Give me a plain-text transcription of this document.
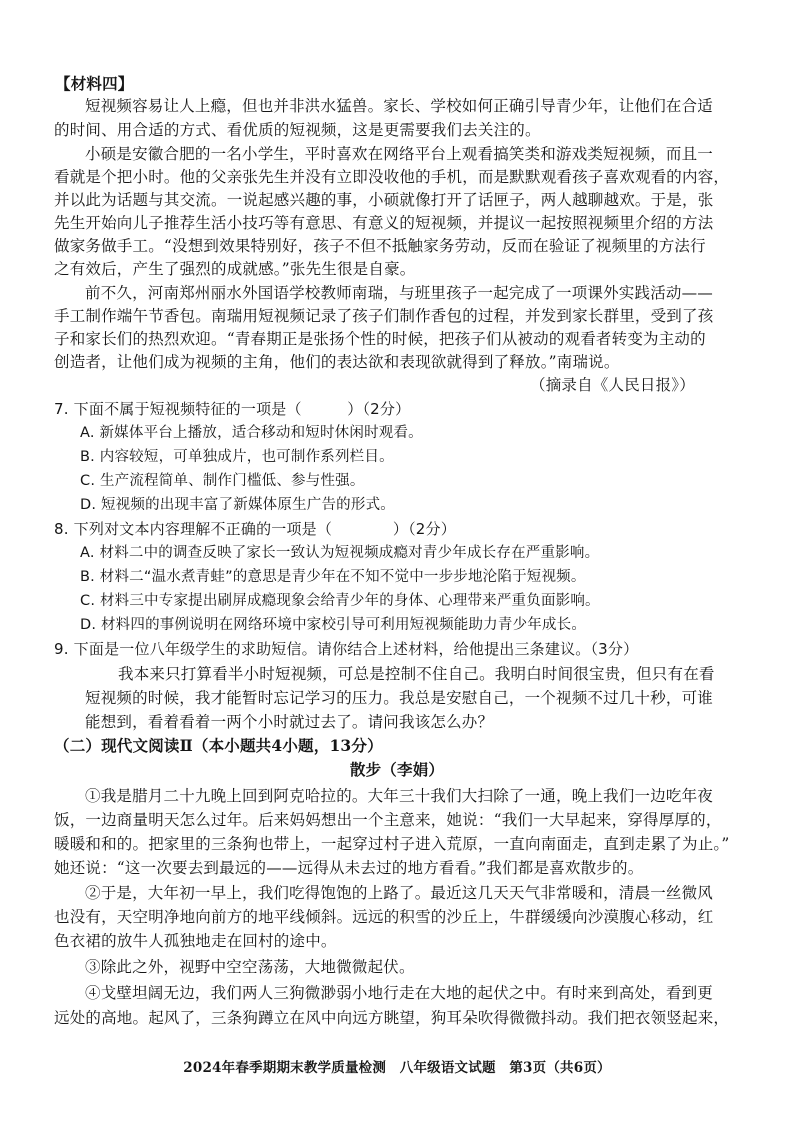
【材料四】

短视频容易让人上瘾，但也并非洪水猛兽。家长、学校如何正确引导青少年，让他们在合适

的时间、用合适的方式、看优质的短视频，这是更需要我们去关注的。

小硕是安徽合肥的一名小学生，平时喜欢在网络平台上观看搞笑类和游戏类短视频，而且一

看就是个把小时。他的父亲张先生并没有立即没收他的手机，而是默默观看孩子喜欢观看的内容，

并以此为话题与其交流。一说起感兴趣的事，小硕就像打开了话匣子，两人越聊越欢。于是，张

先生开始向儿子推荐生活小技巧等有意思、有意义的短视频，并提议一起按照视频里介绍的方法

做家务做手工。“没想到效果特别好，孩子不但不抵触家务劳动，反而在验证了视频里的方法行

之有效后，产生了强烈的成就感。”张先生很是自豪。

前不久，河南郑州丽水外国语学校教师南瑞，与班里孩子一起完成了一项课外实践活动——

手工制作端午节香包。南瑞用短视频记录了孩子们制作香包的过程，并发到家长群里，受到了孩

子和家长们的热烈欢迎。“青春期正是张扬个性的时候，把孩子们从被动的观看者转变为主动的

创造者，让他们成为视频的主角，他们的表达欲和表现欲就得到了释放。”南瑞说。

（摘录自《人民日报》）

7. 下面不属于短视频特征的一项是（　　　）（2分）

A. 新媒体平台上播放，适合移动和短时休闲时观看。

B. 内容较短，可单独成片，也可制作系列栏目。

C. 生产流程简单、制作门槛低、参与性强。

D. 短视频的出现丰富了新媒体原生广告的形式。

8. 下列对文本内容理解不正确的一项是（　　　　）（2分）

A. 材料二中的调查反映了家长一致认为短视频成瘾对青少年成长存在严重影响。

B. 材料二“温水煮青蛙”的意思是青少年在不知不觉中一步步地沦陷于短视频。

C. 材料三中专家提出刷屏成瘾现象会给青少年的身体、心理带来严重负面影响。

D. 材料四的事例说明在网络环境中家校引导可利用短视频能助力青少年成长。

9. 下面是一位八年级学生的求助短信。请你结合上述材料，给他提出三条建议。（3分）

我本来只打算看半小时短视频，可总是控制不住自己。我明白时间很宝贵，但只有在看

短视频的时候，我才能暂时忘记学习的压力。我总是安慰自己，一个视频不过几十秒，可谁

能想到，看着看着一两个小时就过去了。请问我该怎么办？

（二）现代文阅读Ⅱ（本小题共4小题，13分）

散步（李娟）

①我是腊月二十九晚上回到阿克哈拉的。大年三十我们大扫除了一通，晚上我们一边吃年夜

饭，一边商量明天怎么过年。后来妈妈想出一个主意来，她说：“我们一大早起来，穿得厚厚的，

暖暖和和的。把家里的三条狗也带上，一起穿过村子进入荒原，一直向南面走，直到走累了为止。”

她还说：“这一次要去到最远的——远得从未去过的地方看看。”我们都是喜欢散步的。

②于是，大年初一早上，我们吃得饱饱的上路了。最近这几天天气非常暖和，清晨一丝微风

也没有，天空明净地向前方的地平线倾斜。远远的积雪的沙丘上，牛群缓缓向沙漠腹心移动，红

色衣裙的放牛人孤独地走在回村的途中。

③除此之外，视野中空空荡荡，大地微微起伏。

④戈壁坦阔无边，我们两人三狗微渺弱小地行走在大地的起伏之中。有时来到高处，看到更

远处的高地。起风了，三条狗蹲立在风中向远方眺望，狗耳朵吹得微微抖动。我们把衣领竖起来，

2024年春季期期末教学质量检测　八年级语文试题　第3页（共6页）
